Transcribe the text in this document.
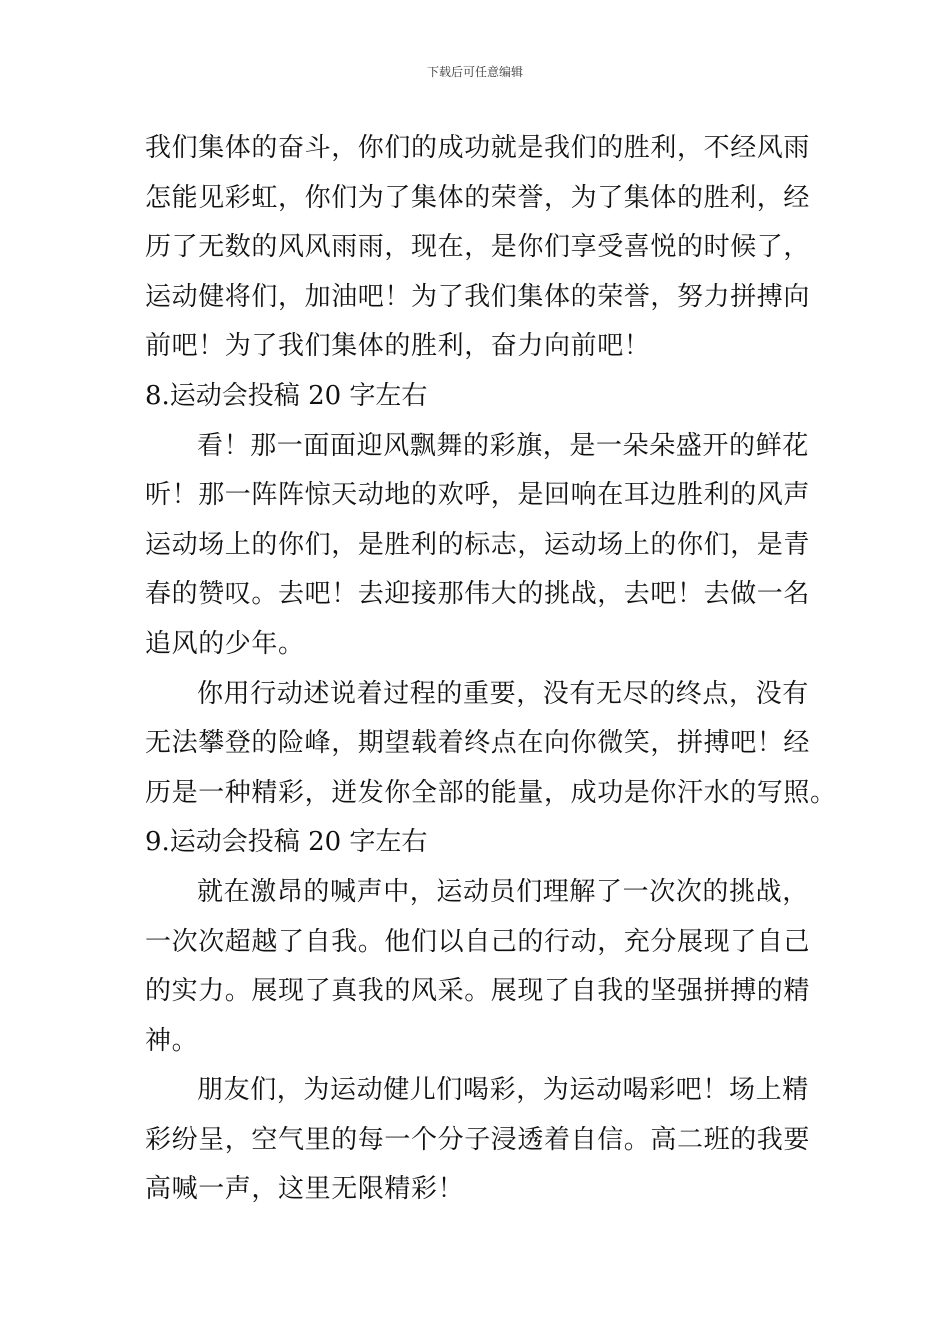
下载后可任意编辑
我们集体的奋斗，你们的成功就是我们的胜利，不经风雨
怎能见彩虹，你们为了集体的荣誉，为了集体的胜利，经
历了无数的风风雨雨，现在，是你们享受喜悦的时候了，
运动健将们，加油吧！为了我们集体的荣誉，努力拼搏向
前吧！为了我们集体的胜利，奋力向前吧！
8.运动会投稿 20 字左右
看！那一面面迎风飘舞的彩旗，是一朵朵盛开的鲜花
听！那一阵阵惊天动地的欢呼，是回响在耳边胜利的风声
运动场上的你们，是胜利的标志，运动场上的你们，是青
春的赞叹。去吧！去迎接那伟大的挑战，去吧！去做一名
追风的少年。
你用行动述说着过程的重要，没有无尽的终点，没有
无法攀登的险峰，期望载着终点在向你微笑，拼搏吧！经
历是一种精彩，迸发你全部的能量，成功是你汗水的写照。
9.运动会投稿 20 字左右
就在激昂的喊声中，运动员们理解了一次次的挑战，
一次次超越了自我。他们以自己的行动，充分展现了自己
的实力。展现了真我的风采。展现了自我的坚强拼搏的精
神。
朋友们，为运动健儿们喝彩，为运动喝彩吧！场上精
彩纷呈，空气里的每一个分子浸透着自信。高二班的我要
高喊一声，这里无限精彩！
